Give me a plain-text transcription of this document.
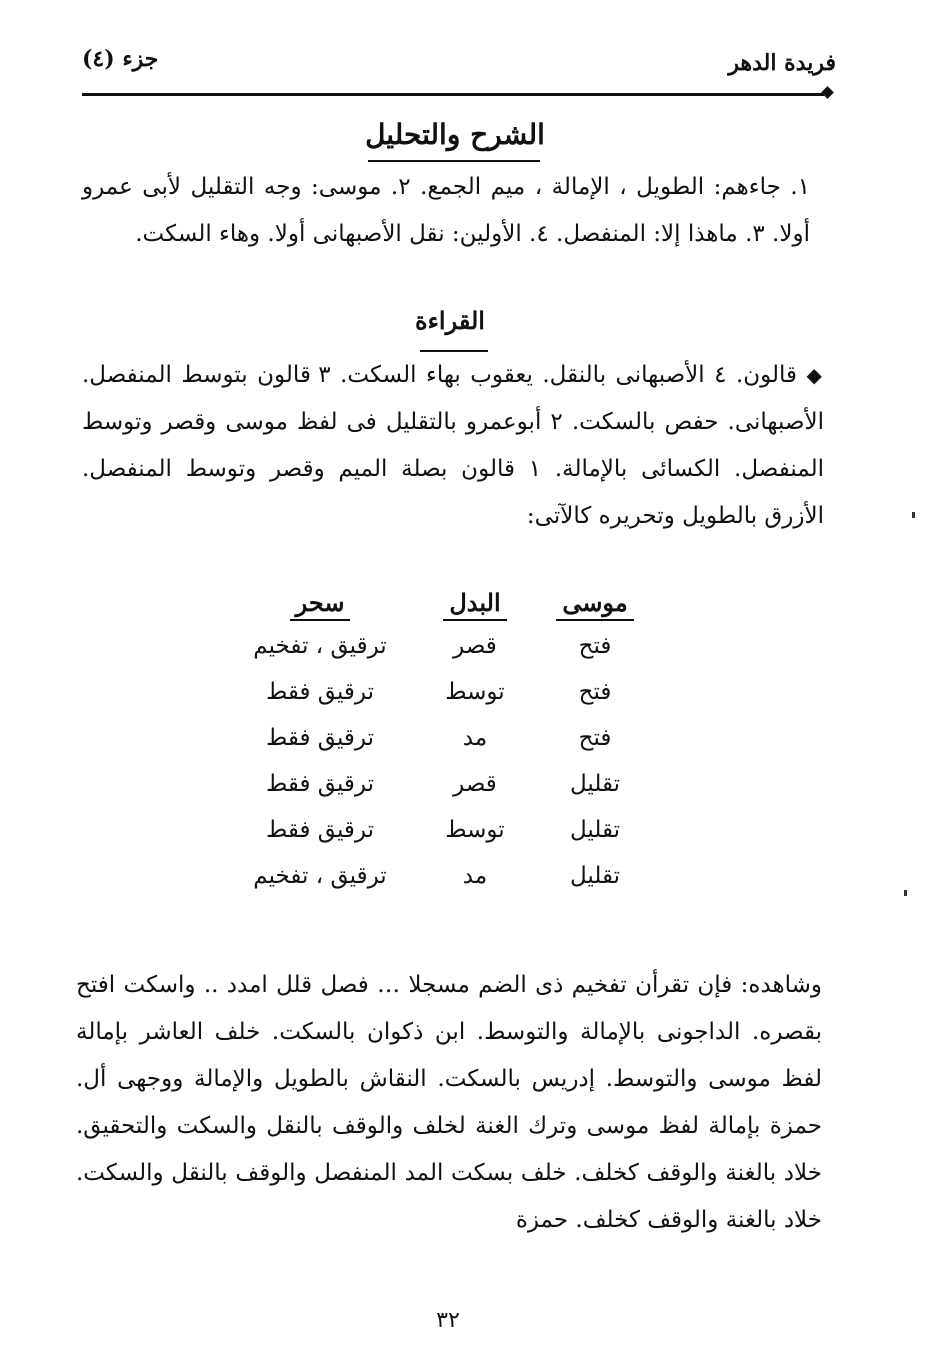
فريدة الدهر
جزء (٤)
الشرح والتحليل

١. جاءهم: الطويل ، الإمالة ، ميم الجمع. ٢. موسى: وجه التقليل لأبى عمرو أولا. ٣. ماهذا إلا: المنفصل. ٤. الأولين: نقل الأصبهانى أولا. وهاء السكت.

القراءة

◆ قالون. ٤ الأصبهانى بالنقل. يعقوب بهاء السكت. ٣ قالون بتوسط المنفصل. الأصبهانى. حفص بالسكت. ٢ أبوعمرو بالتقليل فى لفظ موسى وقصر وتوسط المنفصل. الكسائى بالإمالة. ١ قالون بصلة الميم وقصر وتوسط المنفصل. الأزرق بالطويل وتحريره كالآتى:

موسى	البدل	سحر
فتح	قصر	ترقيق ، تفخيم
فتح	توسط	ترقيق فقط
فتح	مد	ترقيق فقط
تقليل	قصر	ترقيق فقط
تقليل	توسط	ترقيق فقط
تقليل	مد	ترقيق ، تفخيم

وشاهده: فإن تقرأن تفخيم ذى الضم مسجلا … فصل قلل امدد .. واسكت افتح بقصره. الداجونى بالإمالة والتوسط. ابن ذكوان بالسكت. خلف العاشر بإمالة لفظ موسى والتوسط. إدريس بالسكت. النقاش بالطويل والإمالة ووجهى أل. حمزة بإمالة لفظ موسى وترك الغنة لخلف والوقف بالنقل والسكت والتحقيق. خلاد بالغنة والوقف كخلف. خلف بسكت المد المنفصل والوقف بالنقل والسكت. خلاد بالغنة والوقف كخلف. حمزة

٣٢
